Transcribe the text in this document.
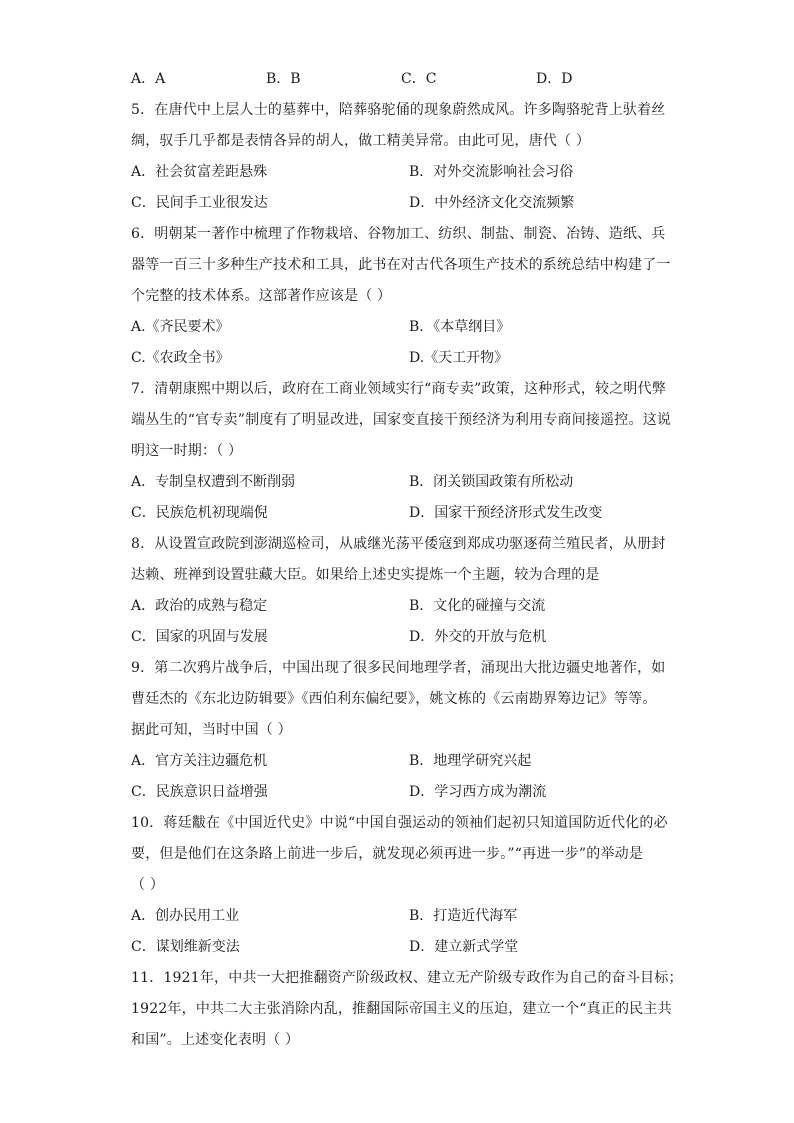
A．A	B．B	C．C	D．D
5．在唐代中上层人士的墓葬中，陪葬骆驼俑的现象蔚然成风。许多陶骆驼背上驮着丝
绸，驭手几乎都是表情各异的胡人，做工精美异常。由此可见，唐代（ ）
A．社会贫富差距悬殊	B．对外交流影响社会习俗
C．民间手工业很发达	D．中外经济文化交流频繁
6．明朝某一著作中梳理了作物栽培、谷物加工、纺织、制盐、制瓷、冶铸、造纸、兵
器等一百三十多种生产技术和工具，此书在对古代各项生产技术的系统总结中构建了一
个完整的技术体系。这部著作应该是（ ）
A.《齐民要术》	B．《本草纲目》
C.《农政全书》	D.《天工开物》
7．清朝康熙中期以后，政府在工商业领域实行“商专卖”政策，这种形式，较之明代弊
端丛生的“官专卖”制度有了明显改进，国家变直接干预经济为利用专商间接遥控。这说
明这一时期：（ ）
A．专制皇权遭到不断削弱	B．闭关锁国政策有所松动
C．民族危机初现端倪	D．国家干预经济形式发生改变
8．从设置宣政院到澎湖巡检司，从戚继光荡平倭寇到郑成功驱逐荷兰殖民者，从册封
达赖、班禅到设置驻藏大臣。如果给上述史实提炼一个主题，较为合理的是
A．政治的成熟与稳定	B．文化的碰撞与交流
C．国家的巩固与发展	D．外交的开放与危机
9．第二次鸦片战争后，中国出现了很多民间地理学者，涌现出大批边疆史地著作，如
曹廷杰的《东北边防辑要》《西伯利东偏纪要》，姚文栋的《云南勘界筹边记》等等。
据此可知，当时中国（ ）
A．官方关注边疆危机	B．地理学研究兴起
C．民族意识日益增强	D．学习西方成为潮流
10．蒋廷黻在《中国近代史》中说“中国自强运动的领袖们起初只知道国防近代化的必
要，但是他们在这条路上前进一步后，就发现必须再进一步。”“再进一步”的举动是
（ ）
A．创办民用工业	B．打造近代海军
C．谋划维新变法	D．建立新式学堂
11．1921年，中共一大把推翻资产阶级政权、建立无产阶级专政作为自己的奋斗目标；
1922年，中共二大主张消除内乱，推翻国际帝国主义的压迫，建立一个“真正的民主共
和国”。上述变化表明（ ）
